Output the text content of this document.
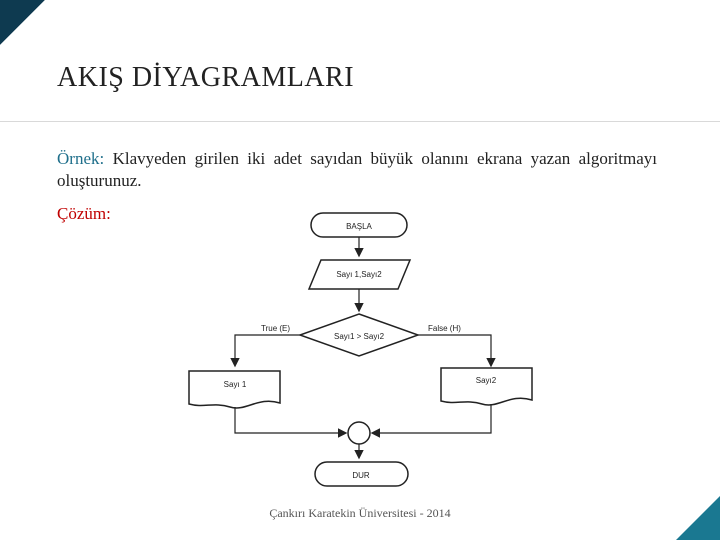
AKIŞ DİYAGRAMLARI
Örnek: Klavyeden girilen iki adet sayıdan büyük olanını ekrana yazan algoritmayı oluşturunuz.
Çözüm:
BAŞLA
Sayı 1,Sayı2
Sayı1 > Sayı2
True (E)	False (H)
Sayı 1	Sayı2
DUR
Çankırı Karatekin Üniversitesi - 2014
